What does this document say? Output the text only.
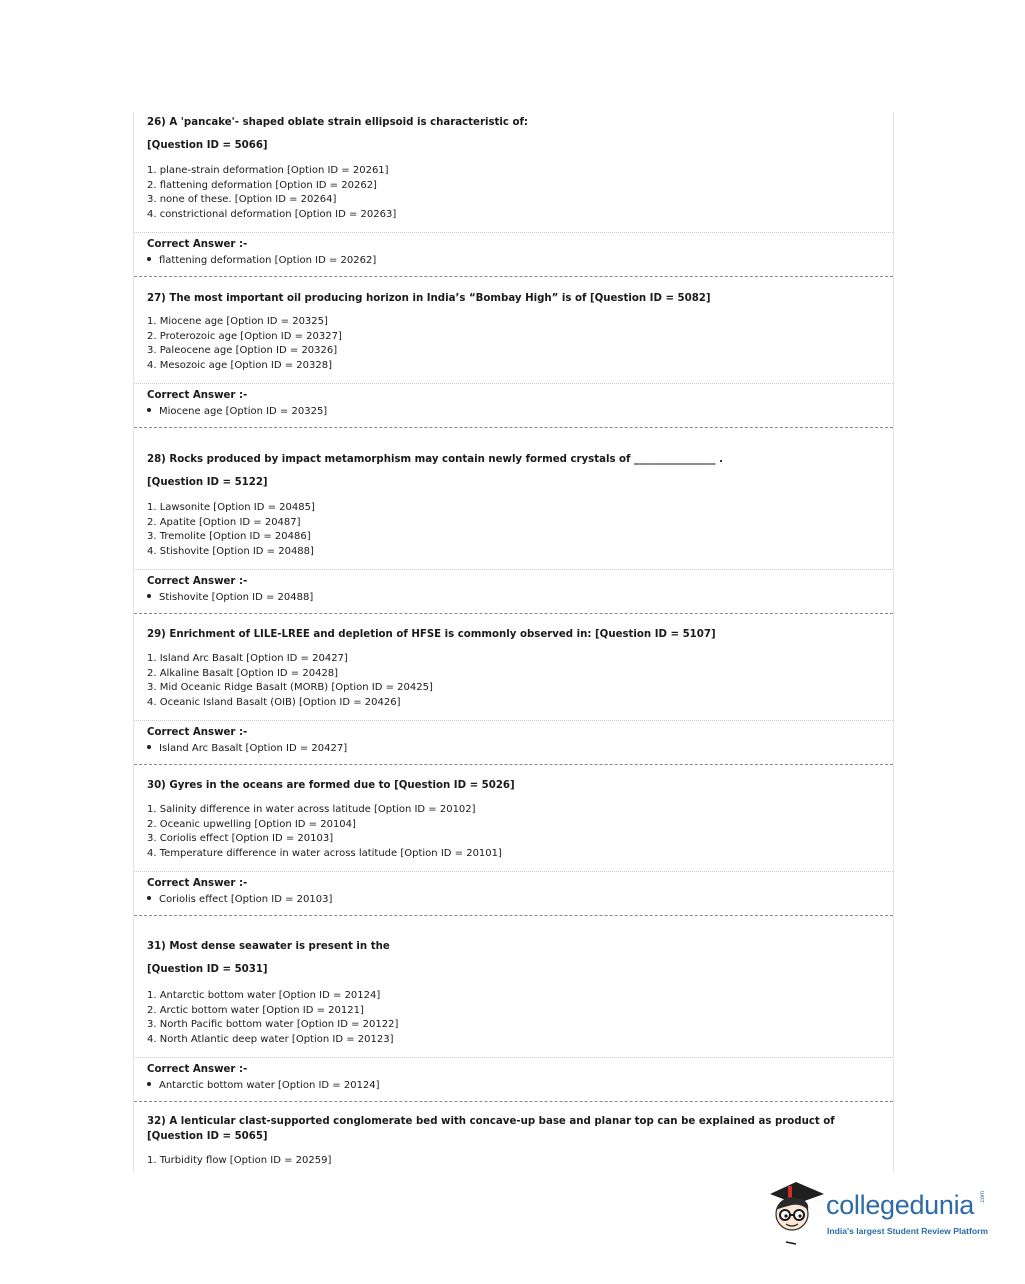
26) A 'pancake'- shaped oblate strain ellipsoid is characteristic of:
[Question ID = 5066]
1. plane-strain deformation [Option ID = 20261]
2. flattening deformation [Option ID = 20262]
3. none of these. [Option ID = 20264]
4. constrictional deformation [Option ID = 20263]
Correct Answer :-
flattening deformation [Option ID = 20262]
27) The most important oil producing horizon in India’s “Bombay High” is of [Question ID = 5082]
1. Miocene age [Option ID = 20325]
2. Proterozoic age [Option ID = 20327]
3. Paleocene age [Option ID = 20326]
4. Mesozoic age [Option ID = 20328]
Correct Answer :-
Miocene age [Option ID = 20325]
28) Rocks produced by impact metamorphism may contain newly formed crystals of ________________ .
[Question ID = 5122]
1. Lawsonite [Option ID = 20485]
2. Apatite [Option ID = 20487]
3. Tremolite [Option ID = 20486]
4. Stishovite [Option ID = 20488]
Correct Answer :-
Stishovite [Option ID = 20488]
29) Enrichment of LILE-LREE and depletion of HFSE is commonly observed in: [Question ID = 5107]
1. Island Arc Basalt [Option ID = 20427]
2. Alkaline Basalt [Option ID = 20428]
3. Mid Oceanic Ridge Basalt (MORB) [Option ID = 20425]
4. Oceanic Island Basalt (OIB) [Option ID = 20426]
Correct Answer :-
Island Arc Basalt [Option ID = 20427]
30) Gyres in the oceans are formed due to [Question ID = 5026]
1. Salinity difference in water across latitude [Option ID = 20102]
2. Oceanic upwelling [Option ID = 20104]
3. Coriolis effect [Option ID = 20103]
4. Temperature difference in water across latitude [Option ID = 20101]
Correct Answer :-
Coriolis effect [Option ID = 20103]
31) Most dense seawater is present in the
[Question ID = 5031]
1. Antarctic bottom water [Option ID = 20124]
2. Arctic bottom water [Option ID = 20121]
3. North Pacific bottom water [Option ID = 20122]
4. North Atlantic deep water [Option ID = 20123]
Correct Answer :-
Antarctic bottom water [Option ID = 20124]
32) A lenticular clast-supported conglomerate bed with concave-up base and planar top can be explained as product of [Question ID = 5065]
1. Turbidity flow [Option ID = 20259]
collegedunia .com
India's largest Student Review Platform
